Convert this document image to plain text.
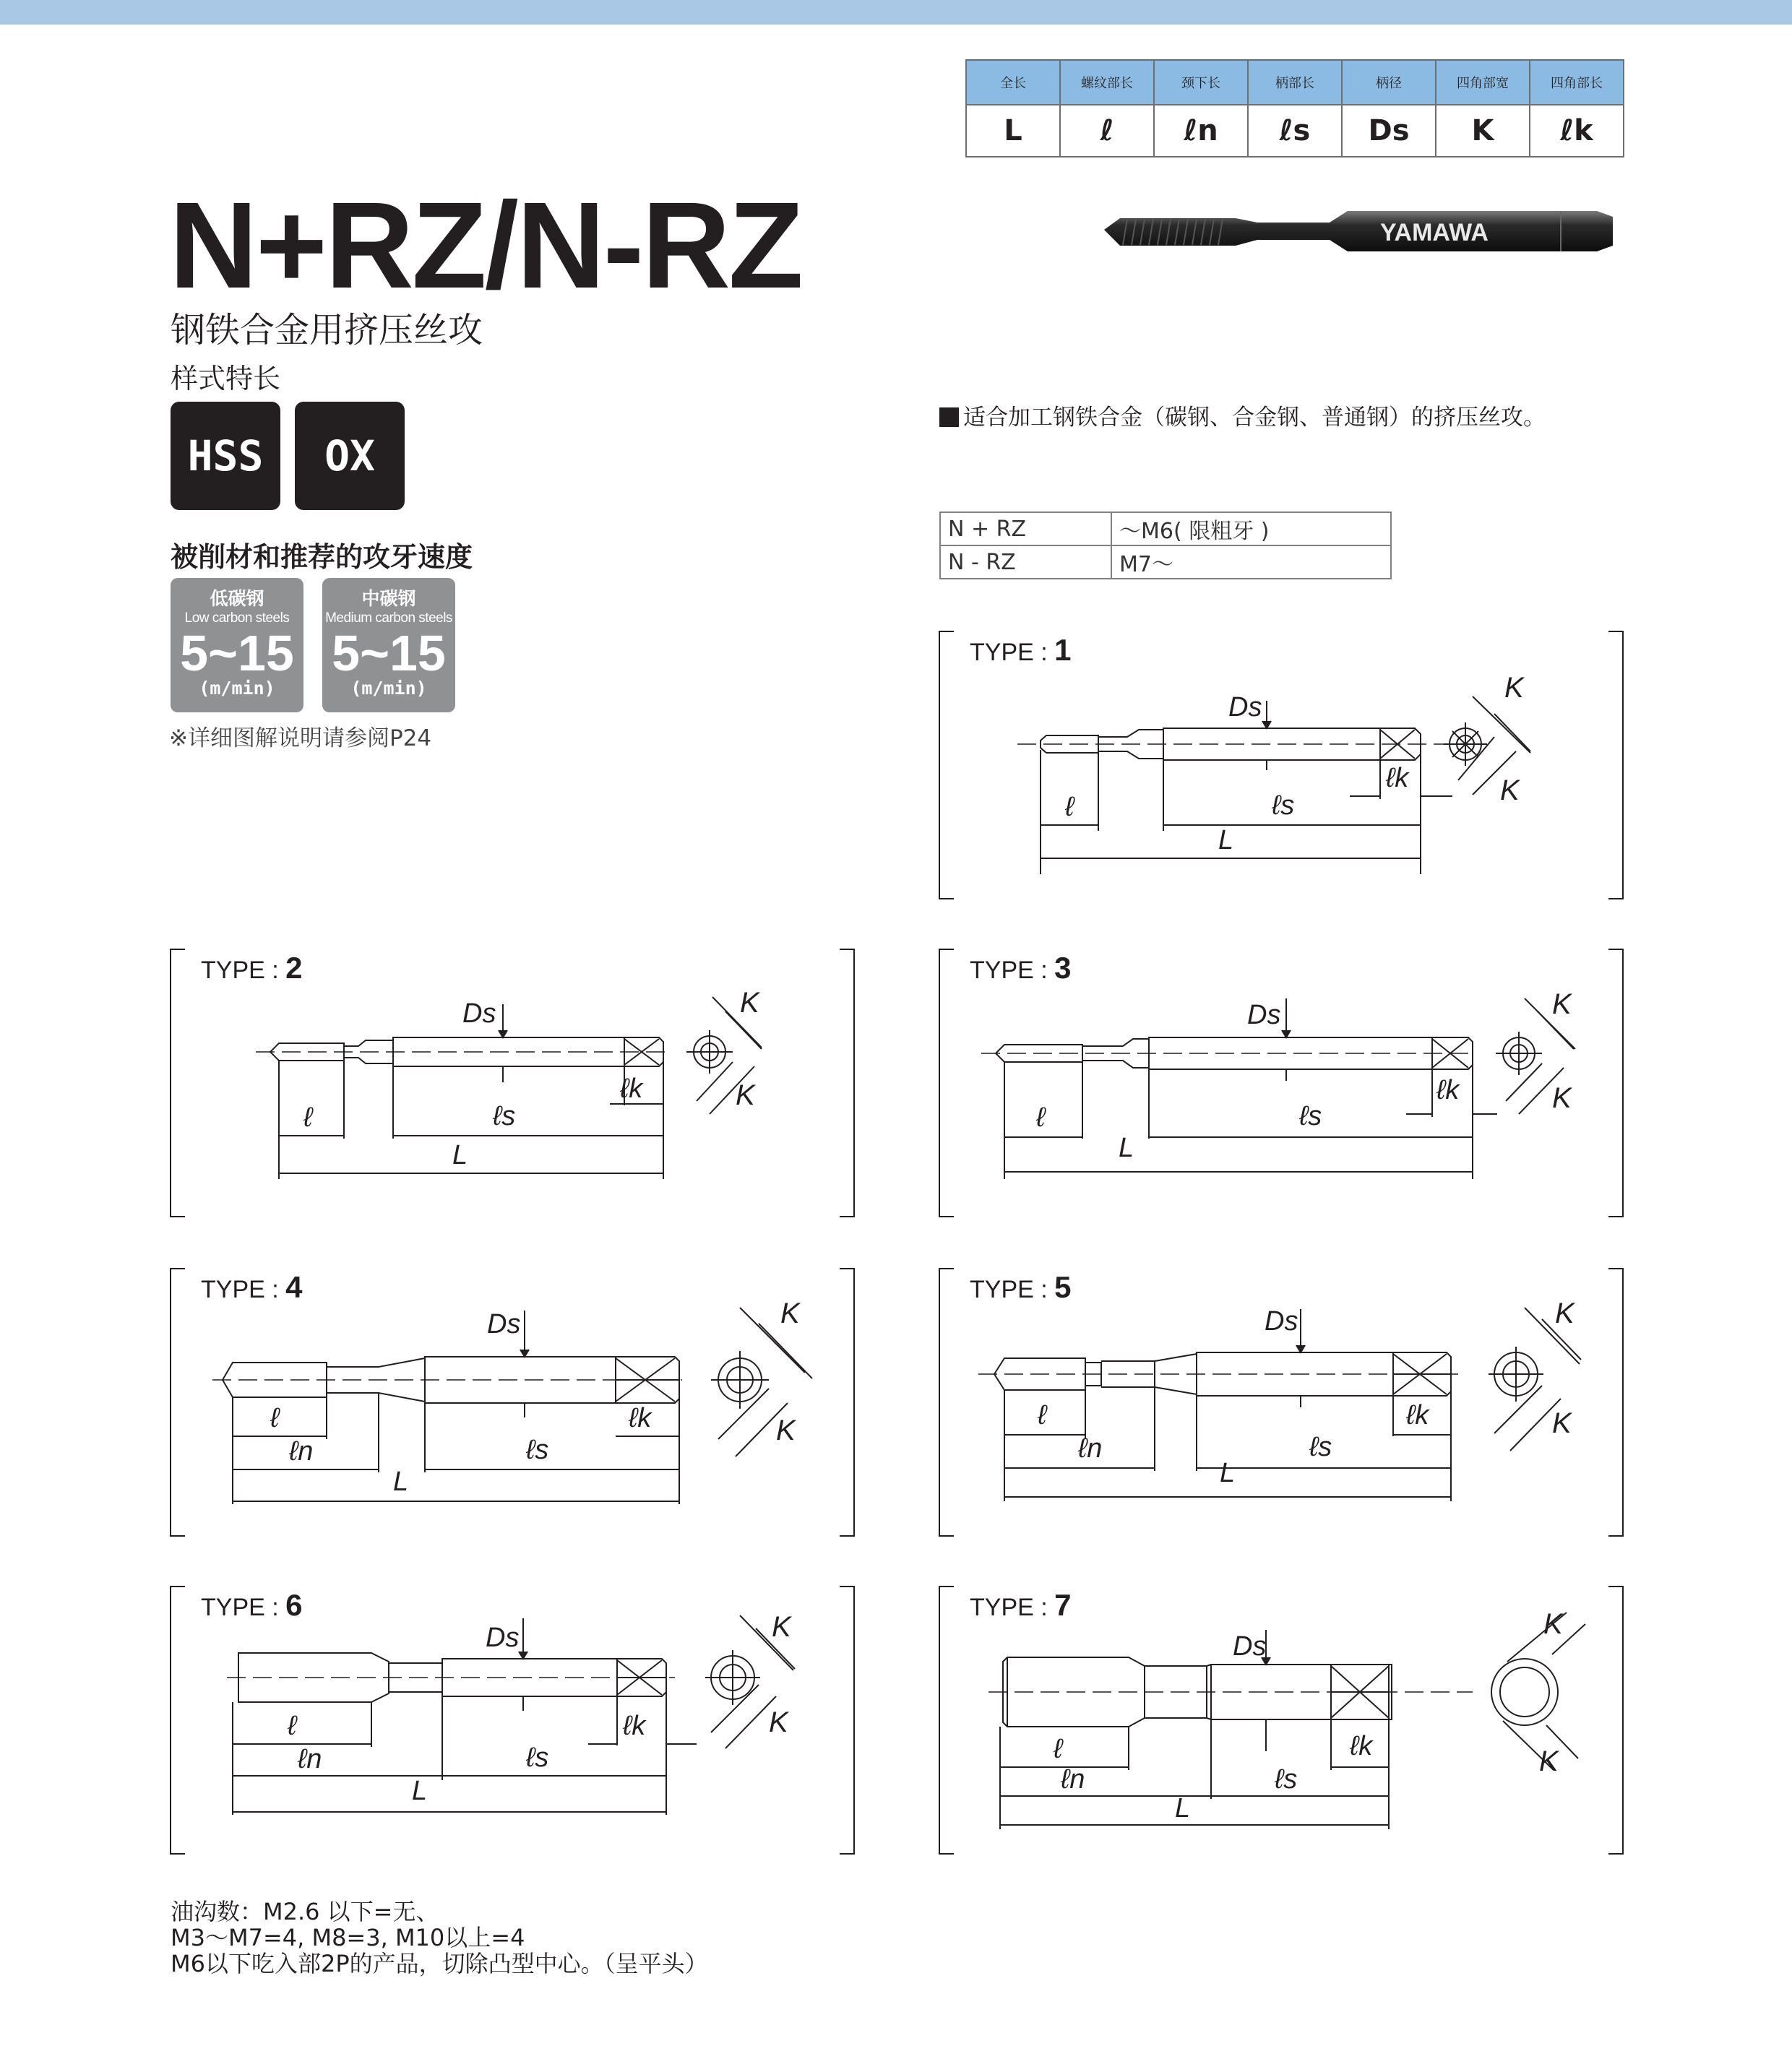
全长	螺纹部长	颈下长	柄部长	柄径	四角部宽	四角部长
L	ℓ	ℓn	ℓs	Ds	K	ℓk
N+RZ/N-RZ
钢铁合金用挤压丝攻
样式特长
HSS	OX
被削材和推荐的攻牙速度
低碳钢
Low carbon steels
5~15
(m/min)
中碳钢
Medium carbon steels
5~15
(m/min)
※详细图解说明请参阅P24
YAMAWA
适合加工钢铁合金（碳钢、合金钢、普通钢）的挤压丝攻。
N + RZ	～M6( 限粗牙 )
N - RZ	M7～
TYPE : 1
Ds
K
K
ℓ	ℓs
ℓk
L
TYPE : 2
Ds	K
K
ℓ	ℓs
ℓk
L
TYPE : 3
Ds	K
K
ℓ	ℓs
ℓk
L
TYPE : 4
Ds	K
K
ℓ
ℓn	ℓs
ℓk
L
TYPE : 5
Ds	K
K
ℓ
ℓn	ℓs
ℓk
L
TYPE : 6
Ds	K
K
ℓ
ℓn	ℓs
ℓk
L
TYPE : 7
Ds
K
K
ℓ
ℓn	ℓs
ℓk
L
油沟数：M2.6 以下=无、
M3～M7=4, M8=3, M10以上=4
M6以下吃入部2P的产品，切除凸型中心。（呈平头）
